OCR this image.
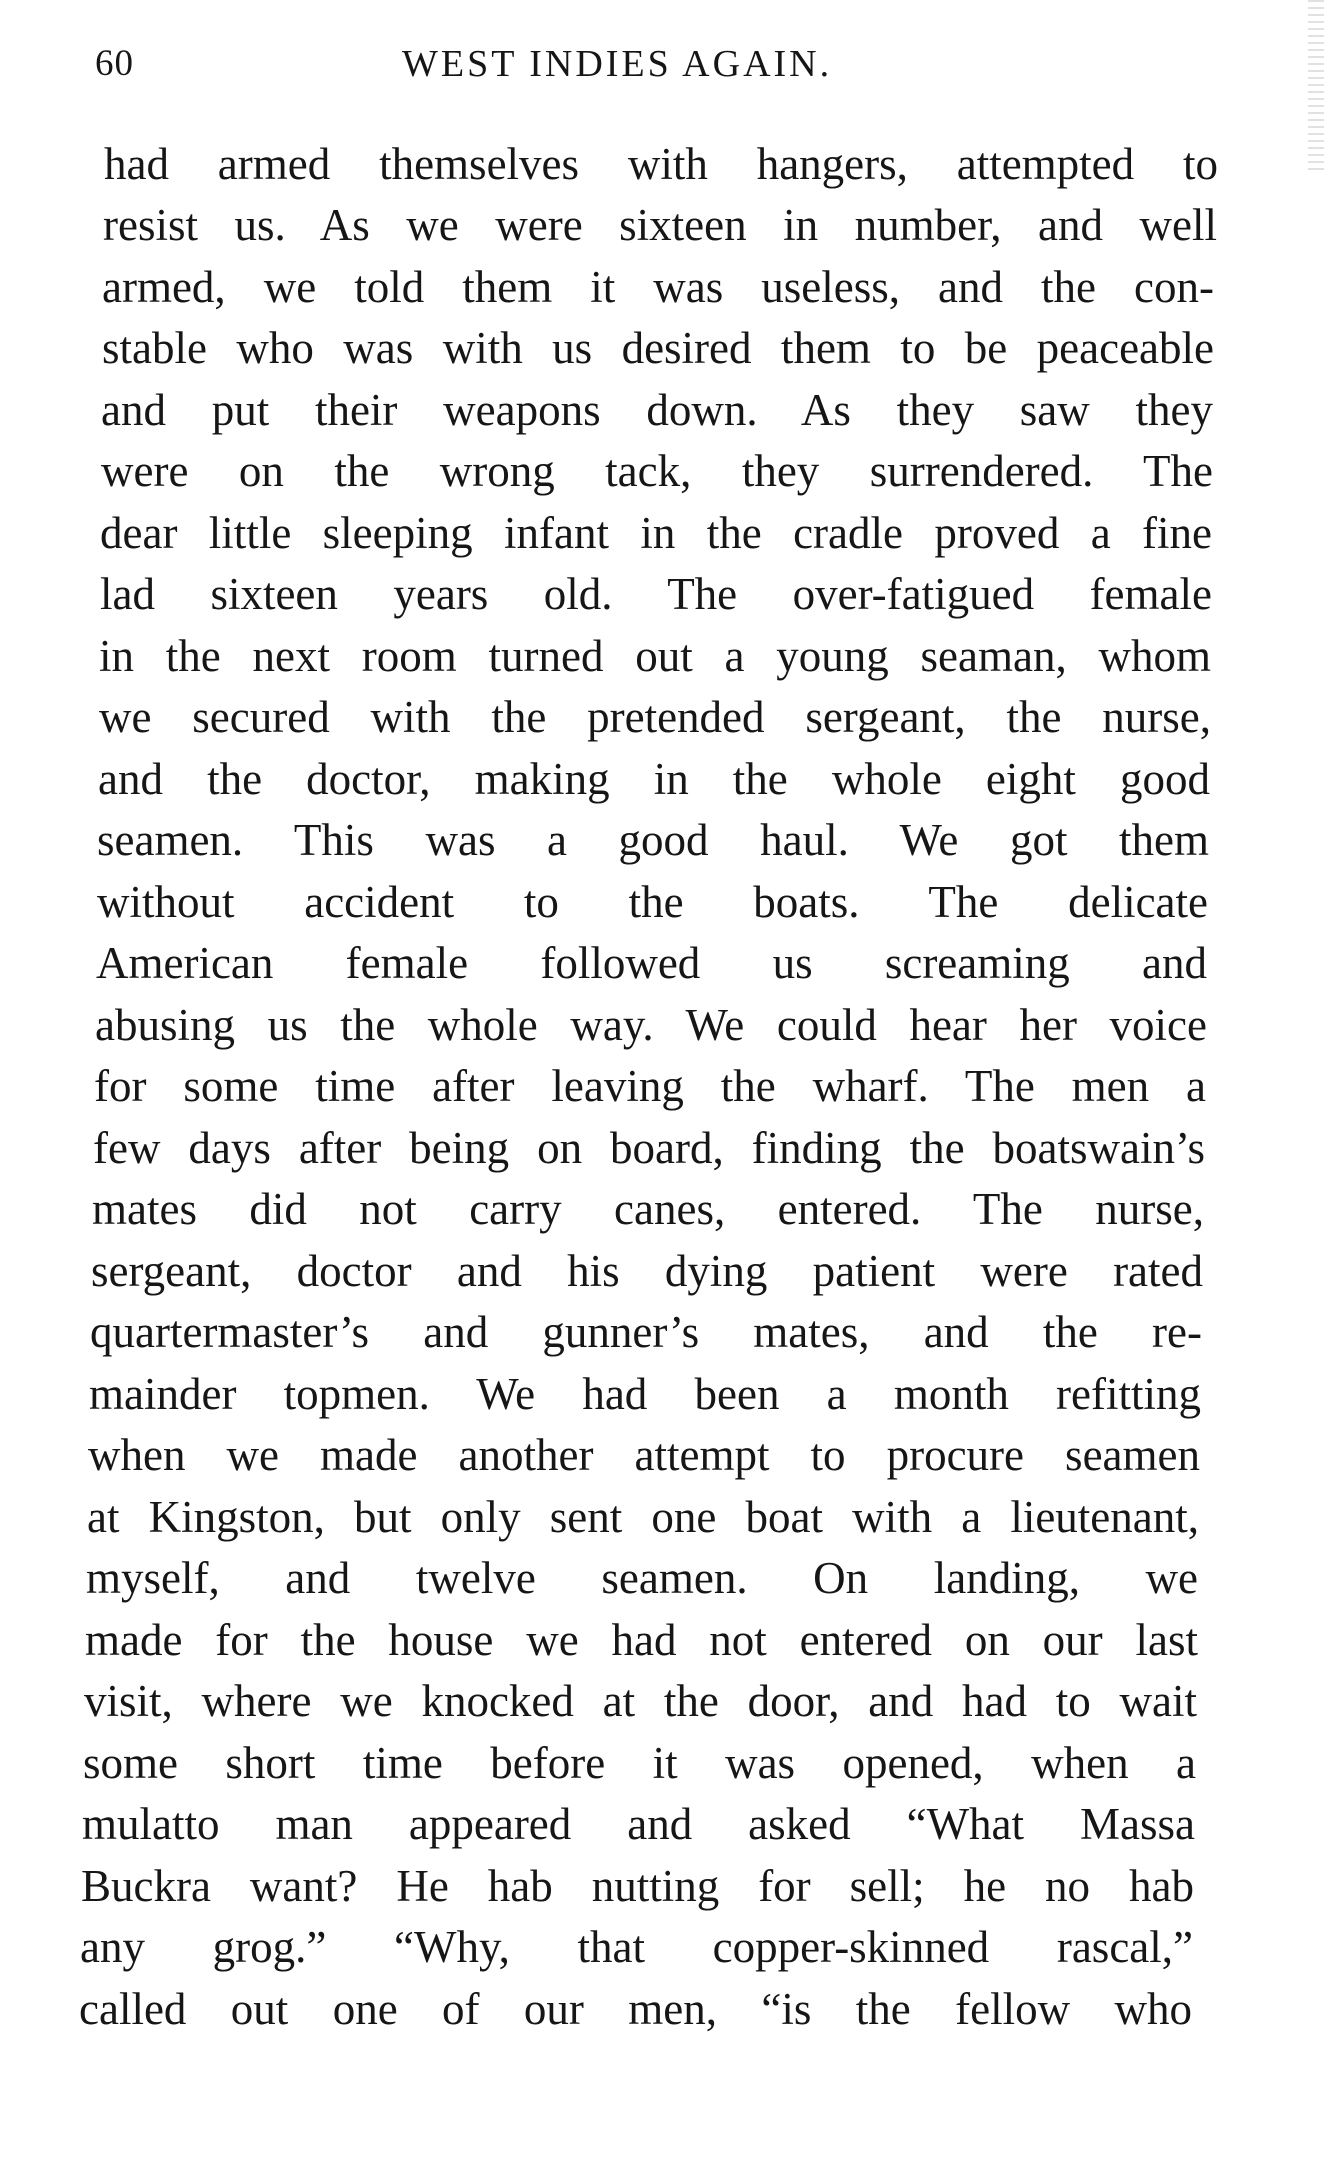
60	WEST INDIES AGAIN.
had armed themselves with hangers, attempted to
resist us. As we were sixteen in number, and well
armed, we told them it was useless, and the con-
stable who was with us desired them to be peaceable
and put their weapons down. As they saw they
were on the wrong tack, they surrendered. The
dear little sleeping infant in the cradle proved a fine
lad sixteen years old. The over-fatigued female
in the next room turned out a young seaman, whom
we secured with the pretended sergeant, the nurse,
and the doctor, making in the whole eight good
seamen. This was a good haul. We got them
without accident to the boats. The delicate
American female followed us screaming and
abusing us the whole way. We could hear her voice
for some time after leaving the wharf. The men a
few days after being on board, finding the boatswain’s
mates did not carry canes, entered. The nurse,
sergeant, doctor and his dying patient were rated
quartermaster’s and gunner’s mates, and the re-
mainder topmen. We had been a month refitting
when we made another attempt to procure seamen
at Kingston, but only sent one boat with a lieutenant,
myself, and twelve seamen. On landing, we
made for the house we had not entered on our last
visit, where we knocked at the door, and had to wait
some short time before it was opened, when a
mulatto man appeared and asked “What Massa
Buckra want? He hab nutting for sell; he no hab
any grog.” “Why, that copper-skinned rascal,”
called out one of our men, “is the fellow who
